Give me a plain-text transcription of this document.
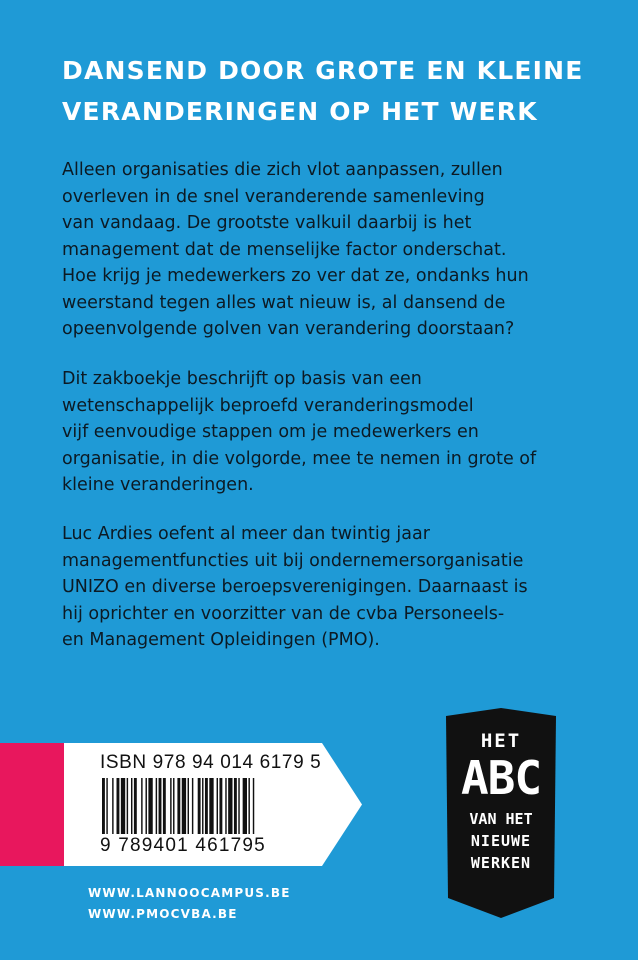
DANSEND DOOR GROTE EN KLEINE
VERANDERINGEN OP HET WERK
Alleen organisaties die zich vlot aanpassen, zullen
overleven in de snel veranderende samenleving
van vandaag. De grootste valkuil daarbij is het
management dat de menselijke factor onderschat.
Hoe krijg je medewerkers zo ver dat ze, ondanks hun
weerstand tegen alles wat nieuw is, al dansend de
opeenvolgende golven van verandering doorstaan?
Dit zakboekje beschrijft op basis van een
wetenschappelijk beproefd veranderingsmodel
vijf eenvoudige stappen om je medewerkers en
organisatie, in die volgorde, mee te nemen in grote of
kleine veranderingen.
Luc Ardies oefent al meer dan twintig jaar
managementfuncties uit bij ondernemersorganisatie
UNIZO en diverse beroepsverenigingen. Daarnaast is
hij oprichter en voorzitter van de cvba Personeels-
en Management Opleidingen (PMO).
ISBN 978 94 014 6179 5
9 789401 461795
WWW.LANNOOCAMPUS.BE
WWW.PMOCVBA.BE
HET
ABC
VAN HET
NIEUWE
WERKEN
